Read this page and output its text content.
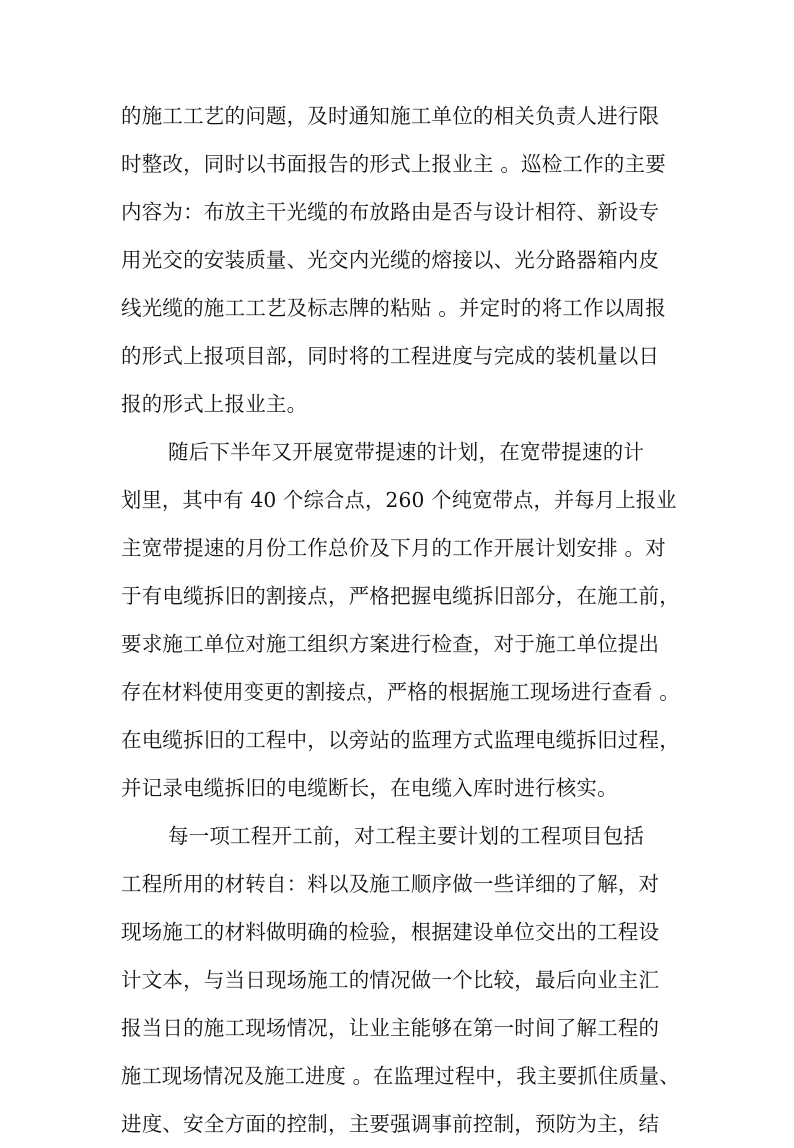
的施工工艺的问题，及时通知施工单位的相关负责人进行限
时整改，同时以书面报告的形式上报业主 。巡检工作的主要
内容为：布放主干光缆的布放路由是否与设计相符、新设专
用光交的安装质量、光交内光缆的熔接以、光分路器箱内皮
线光缆的施工工艺及标志牌的粘贴 。并定时的将工作以周报
的形式上报项目部，同时将的工程进度与完成的装机量以日
报的形式上报业主。
随后下半年又开展宽带提速的计划，在宽带提速的计
划里，其中有 40 个综合点，260 个纯宽带点，并每月上报业
主宽带提速的月份工作总价及下月的工作开展计划安排 。对
于有电缆拆旧的割接点，严格把握电缆拆旧部分，在施工前，
要求施工单位对施工组织方案进行检查，对于施工单位提出
存在材料使用变更的割接点，严格的根据施工现场进行查看 。
在电缆拆旧的工程中，以旁站的监理方式监理电缆拆旧过程，
并记录电缆拆旧的电缆断长，在电缆入库时进行核实。
每一项工程开工前，对工程主要计划的工程项目包括
工程所用的材转自：料以及施工顺序做一些详细的了解，对
现场施工的材料做明确的检验，根据建设单位交出的工程设
计文本，与当日现场施工的情况做一个比较，最后向业主汇
报当日的施工现场情况，让业主能够在第一时间了解工程的
施工现场情况及施工进度 。在监理过程中，我主要抓住质量、
进度、安全方面的控制，主要强调事前控制，预防为主，结
